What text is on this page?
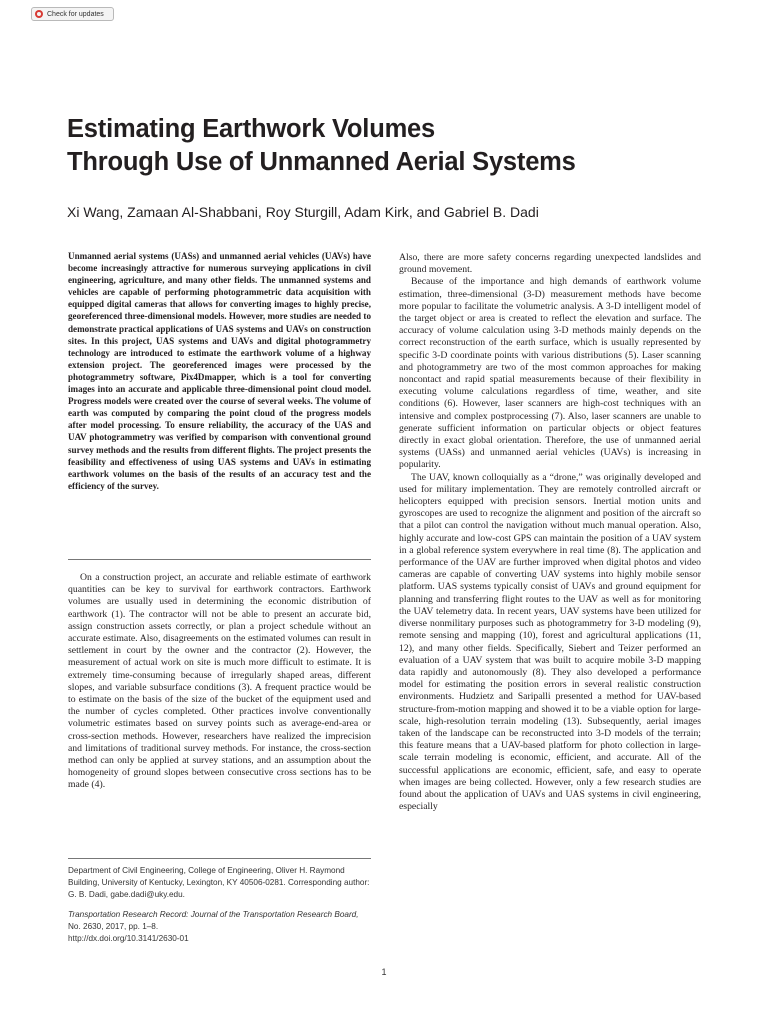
Check for updates
Estimating Earthwork Volumes
Through Use of Unmanned Aerial Systems
Xi Wang, Zamaan Al-Shabbani, Roy Sturgill, Adam Kirk, and Gabriel B. Dadi

Unmanned aerial systems (UASs) and unmanned aerial vehicles (UAVs) have become increasingly attractive for numerous surveying applications in civil engineering, agriculture, and many other fields. The unmanned systems and vehicles are capable of performing photogrammetric data acquisition with equipped digital cameras that allows for converting images to highly precise, georeferenced three-dimensional models. However, more studies are needed to demonstrate practical applications of UAS systems and UAVs on construction sites. In this project, UAS systems and UAVs and digital photogrammetry technology are introduced to estimate the earthwork volume of a highway extension project. The georeferenced images were processed by the photogrammetry software, Pix4Dmapper, which is a tool for converting images into an accurate and applicable three-dimensional point cloud model. Progress models were created over the course of several weeks. The volume of earth was computed by comparing the point cloud of the progress models after model processing. To ensure reliability, the accuracy of the UAS and UAV photogrammetry was verified by comparison with conventional ground survey methods and the results from different flights. The project presents the feasibility and effectiveness of using UAS systems and UAVs in estimating earthwork volumes on the basis of the results of an accuracy test and the efficiency of the survey.

On a construction project, an accurate and reliable estimate of earthwork quantities can be key to survival for earthwork contractors. Earthwork volumes are usually used in determining the economic distribution of earthwork (1). The contractor will not be able to present an accurate bid, assign construction assets correctly, or plan a project schedule without an accurate estimate. Also, disagreements on the estimated volumes can result in settlement in court by the owner and the contractor (2). However, the measurement of actual work on site is much more difficult to estimate. It is extremely time-consuming because of irregularly shaped areas, different slopes, and variable subsurface conditions (3). A frequent practice would be to estimate on the basis of the size of the bucket of the equipment used and the number of cycles completed. Other practices involve conventionally volumetric estimates based on survey points such as average-end-area or cross-section methods. However, researchers have realized the imprecision and limitations of traditional survey methods. For instance, the cross-section method can only be applied at survey stations, and an assumption about the homogeneity of ground slopes between consecutive cross sections has to be made (4).

Department of Civil Engineering, College of Engineering, Oliver H. Raymond Building, University of Kentucky, Lexington, KY 40506-0281. Corresponding author: G. B. Dadi, gabe.dadi@uky.edu.
Transportation Research Record: Journal of the Transportation Research Board,
No. 2630, 2017, pp. 1–8.
http://dx.doi.org/10.3141/2630-01

Also, there are more safety concerns regarding unexpected landslides and ground movement.

Because of the importance and high demands of earthwork volume estimation, three-dimensional (3-D) measurement methods have become more popular to facilitate the volumetric analysis. A 3-D intelligent model of the target object or area is created to reflect the elevation and surface. The accuracy of volume calculation using 3-D methods mainly depends on the correct reconstruction of the earth surface, which is usually represented by specific 3-D coordinate points with various distributions (5). Laser scanning and photogrammetry are two of the most common approaches for making noncontact and rapid spatial measurements because of their flexibility in executing volume calculations regardless of time, weather, and site conditions (6). However, laser scanners are high-cost techniques with an intensive and complex postprocessing (7). Also, laser scanners are unable to generate sufficient information on particular objects or object features directly in exact global orientation. Therefore, the use of unmanned aerial systems (UASs) and unmanned aerial vehicles (UAVs) is increasing in popularity.

The UAV, known colloquially as a “drone,” was originally developed and used for military implementation. They are remotely controlled aircraft or helicopters equipped with precision sensors. Inertial motion units and gyroscopes are used to recognize the alignment and position of the aircraft so that a pilot can control the navigation without much manual operation. Also, highly accurate and low-cost GPS can maintain the position of a UAV system in a global reference system everywhere in real time (8). The application and performance of the UAV are further improved when digital photos and video cameras are capable of converting UAV systems into highly mobile sensor platform. UAS systems typically consist of UAVs and ground equipment for planning and transferring flight routes to the UAV as well as for monitoring the UAV telemetry data. In recent years, UAV systems have been utilized for diverse nonmilitary purposes such as photogrammetry for 3-D modeling (9), remote sensing and mapping (10), forest and agricultural applications (11, 12), and many other fields. Specifically, Siebert and Teizer performed an evaluation of a UAV system that was built to acquire mobile 3-D mapping data rapidly and autonomously (8). They also developed a performance model for estimating the position errors in several realistic construction environments. Hudzietz and Saripalli presented a method for UAV-based structure-from-motion mapping and showed it to be a viable option for large-scale, high-resolution terrain modeling (13). Subsequently, aerial images taken of the landscape can be reconstructed into 3-D models of the terrain; this feature means that a UAV-based platform for photo collection in large-scale terrain modeling is economic, efficient, and accurate. All of the successful applications are economic, efficient, safe, and easy to operate when images are being collected. However, only a few research studies are found about the application of UAVs and UAS systems in civil engineering, especially

1
